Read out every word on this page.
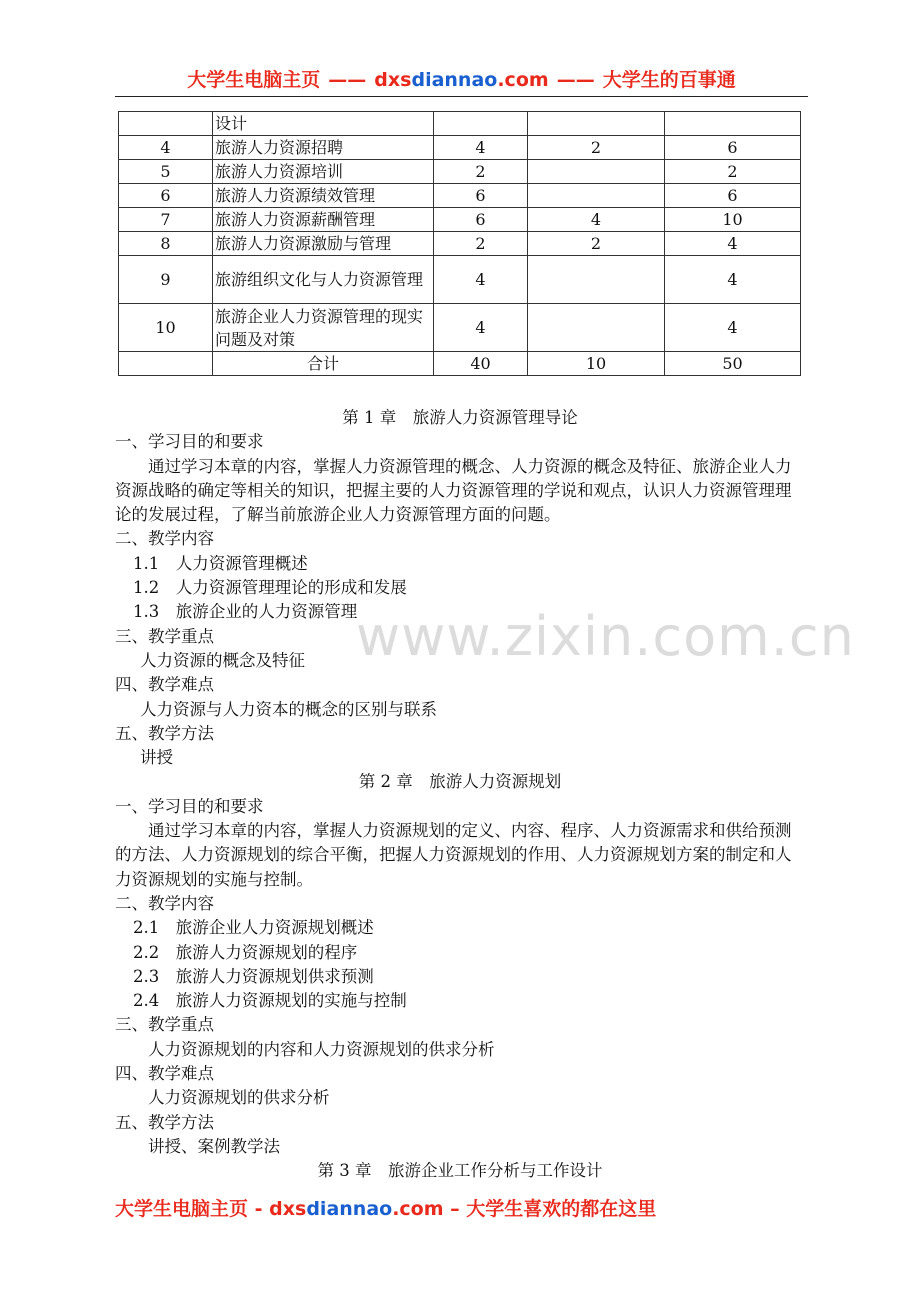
大学生电脑主页 —— dxsdiannao.com —— 大学生的百事通
www.zixin.com.cn
	设计			
4	旅游人力资源招聘	4	2	6
5	旅游人力资源培训	2		2
6	旅游人力资源绩效管理	6		6
7	旅游人力资源薪酬管理	6	4	10
8	旅游人力资源激励与管理	2	2	4
9	旅游组织文化与人力资源管理	4		4
10	旅游企业人力资源管理的现实问题及对策	4		4
	合计	40	10	50
第 1 章　旅游人力资源管理导论
一、学习目的和要求
通过学习本章的内容，掌握人力资源管理的概念、人力资源的概念及特征、旅游企业人力资源战略的确定等相关的知识，把握主要的人力资源管理的学说和观点，认识人力资源管理理论的发展过程，了解当前旅游企业人力资源管理方面的问题。
二、教学内容
1.1　人力资源管理概述
1.2　人力资源管理理论的形成和发展
1.3　旅游企业的人力资源管理
三、教学重点
人力资源的概念及特征
四、教学难点
人力资源与人力资本的概念的区别与联系
五、教学方法
讲授
第 2 章　旅游人力资源规划
一、学习目的和要求
通过学习本章的内容，掌握人力资源规划的定义、内容、程序、人力资源需求和供给预测的方法、人力资源规划的综合平衡，把握人力资源规划的作用、人力资源规划方案的制定和人力资源规划的实施与控制。
二、教学内容
2.1　旅游企业人力资源规划概述
2.2　旅游人力资源规划的程序
2.3　旅游人力资源规划供求预测
2.4　旅游人力资源规划的实施与控制
三、教学重点
人力资源规划的内容和人力资源规划的供求分析
四、教学难点
人力资源规划的供求分析
五、教学方法
讲授、案例教学法
第 3 章　旅游企业工作分析与工作设计
大学生电脑主页 - dxsdiannao.com – 大学生喜欢的都在这里
